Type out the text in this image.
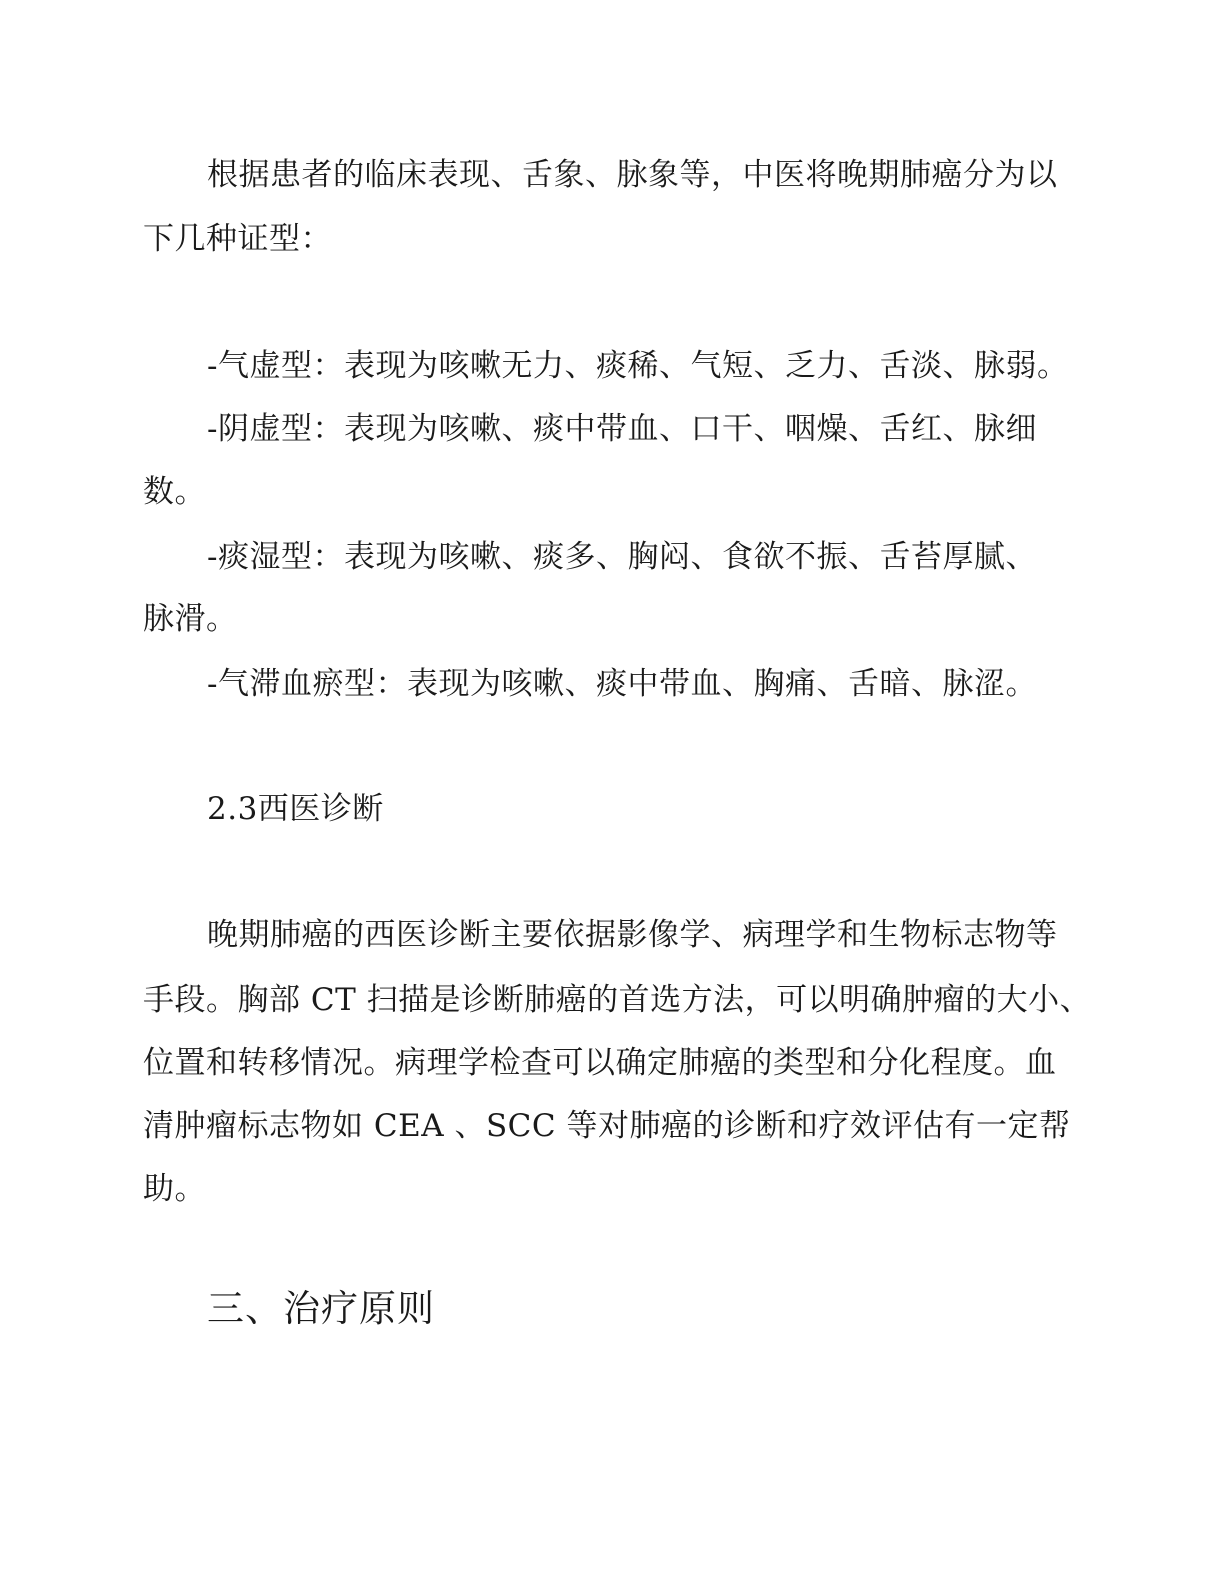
根据患者的临床表现、舌象、脉象等，中医将晚期肺癌分为以
下几种证型：
-气虚型：表现为咳嗽无力、痰稀、气短、乏力、舌淡、脉弱。
-阴虚型：表现为咳嗽、痰中带血、口干、咽燥、舌红、脉细
数。
-痰湿型：表现为咳嗽、痰多、胸闷、食欲不振、舌苔厚腻、
脉滑。
-气滞血瘀型：表现为咳嗽、痰中带血、胸痛、舌暗、脉涩。
2.3西医诊断
晚期肺癌的西医诊断主要依据影像学、病理学和生物标志物等
手段。胸部 CT 扫描是诊断肺癌的首选方法，可以明确肿瘤的大小、
位置和转移情况。病理学检查可以确定肺癌的类型和分化程度。血
清肿瘤标志物如 CEA 、SCC 等对肺癌的诊断和疗效评估有一定帮
助。
三、治疗原则
